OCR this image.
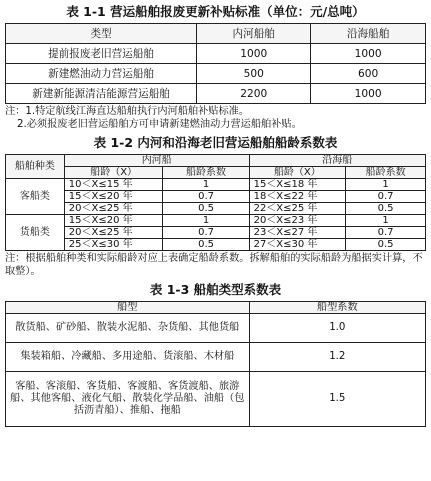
表 1-1 营运船舶报废更新补贴标准（单位：元/总吨）
类型	内河船舶	沿海船舶
提前报废老旧营运船舶	1000	1000
新建燃油动力营运船舶	500	600
新建新能源清洁能源营运船舶	2200	1000
注：1.特定航线江海直达船舶执行内河船舶补贴标准。
2.必须报废老旧营运船舶方可申请新建燃油动力营运船舶补贴。
表 1-2 内河和沿海老旧营运船舶船龄系数表
船舶种类	内河船		沿海船	
	船龄（X）	船龄系数	船龄（X）	船龄系数
客船类	10＜X≤15 年	1	15＜X≤18 年	1
	15＜X≤20 年	0.7	18＜X≤22 年	0.7
	20＜X≤25 年	0.5	22＜X≤25 年	0.5
货船类	15＜X≤20 年	1	20＜X≤23 年	1
	20＜X≤25 年	0.7	23＜X≤27 年	0.7
	25＜X≤30 年	0.5	27＜X≤30 年	0.5
注：根据船舶种类和实际船龄对应上表确定船龄系数。拆解船舶的实际船龄为船据实计算，不取整）。
表 1-3 船舶类型系数表
船型	船型系数
散货船、矿砂船、散装水泥船、杂货船、其他货船	1.0
集装箱船、冷藏船、多用途船、货滚船、木材船	1.2
客船、客滚船、客货船、客渡船、客货渡船、旅游船、其他客船、液化气船、散装化学品船、油船（包括沥青船）、推船、拖船	1.5
